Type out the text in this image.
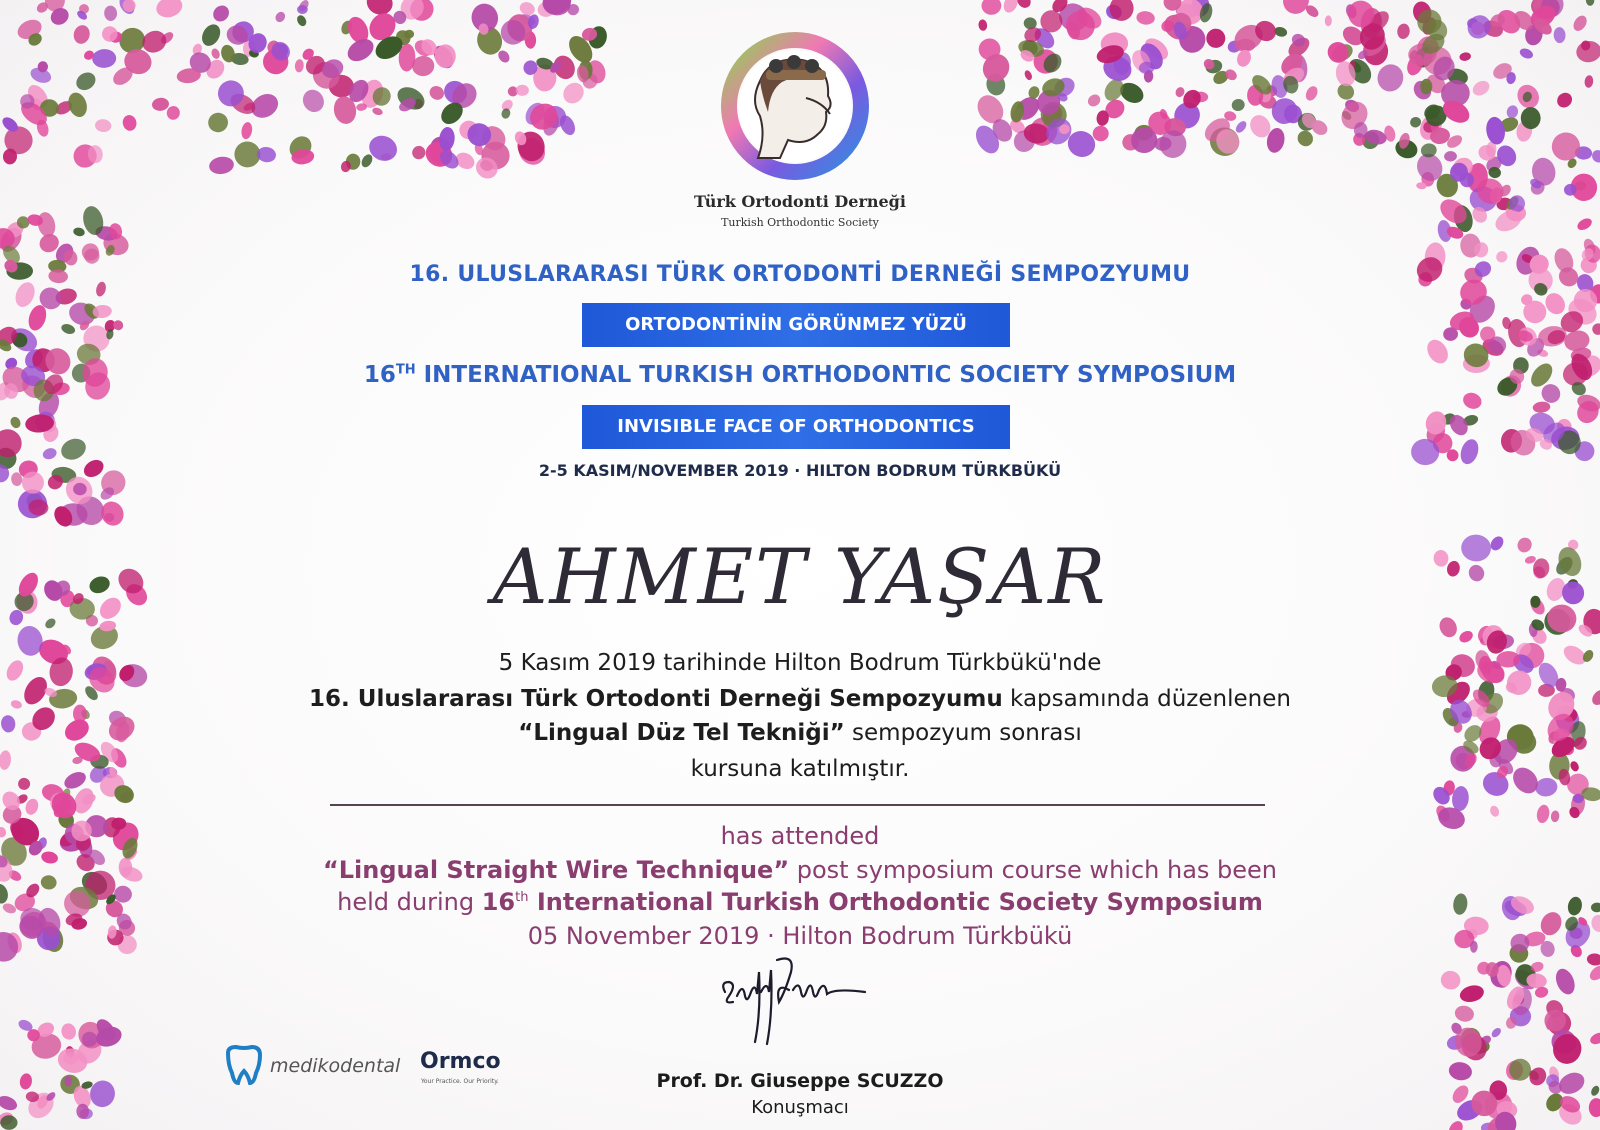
Türk Ortodonti Derneği
Turkish Orthodontic Society
16. ULUSLARARASI TÜRK ORTODONTİ DERNEĞİ SEMPOZYUMU
ORTODONTİNİN GÖRÜNMEZ YÜZÜ
16TH INTERNATIONAL TURKISH ORTHODONTIC SOCIETY SYMPOSIUM
INVISIBLE FACE OF ORTHODONTICS
2-5 KASIM/NOVEMBER 2019 · HILTON BODRUM TÜRKBÜKÜ
AHMET YAŞAR
5 Kasım 2019 tarihinde Hilton Bodrum Türkbükü'nde
16. Uluslararası Türk Ortodonti Derneği Sempozyumu kapsamında düzenlenen
“Lingual Düz Tel Tekniği” sempozyum sonrası
kursuna katılmıştır.
has attended
“Lingual Straight Wire Technique” post symposium course which has been
held during 16th International Turkish Orthodontic Society Symposium
05 November 2019 · Hilton Bodrum Türkbükü
Prof. Dr. Giuseppe SCUZZO
Konuşmacı
medikodental Ormco
Your Practice. Our Priority.
